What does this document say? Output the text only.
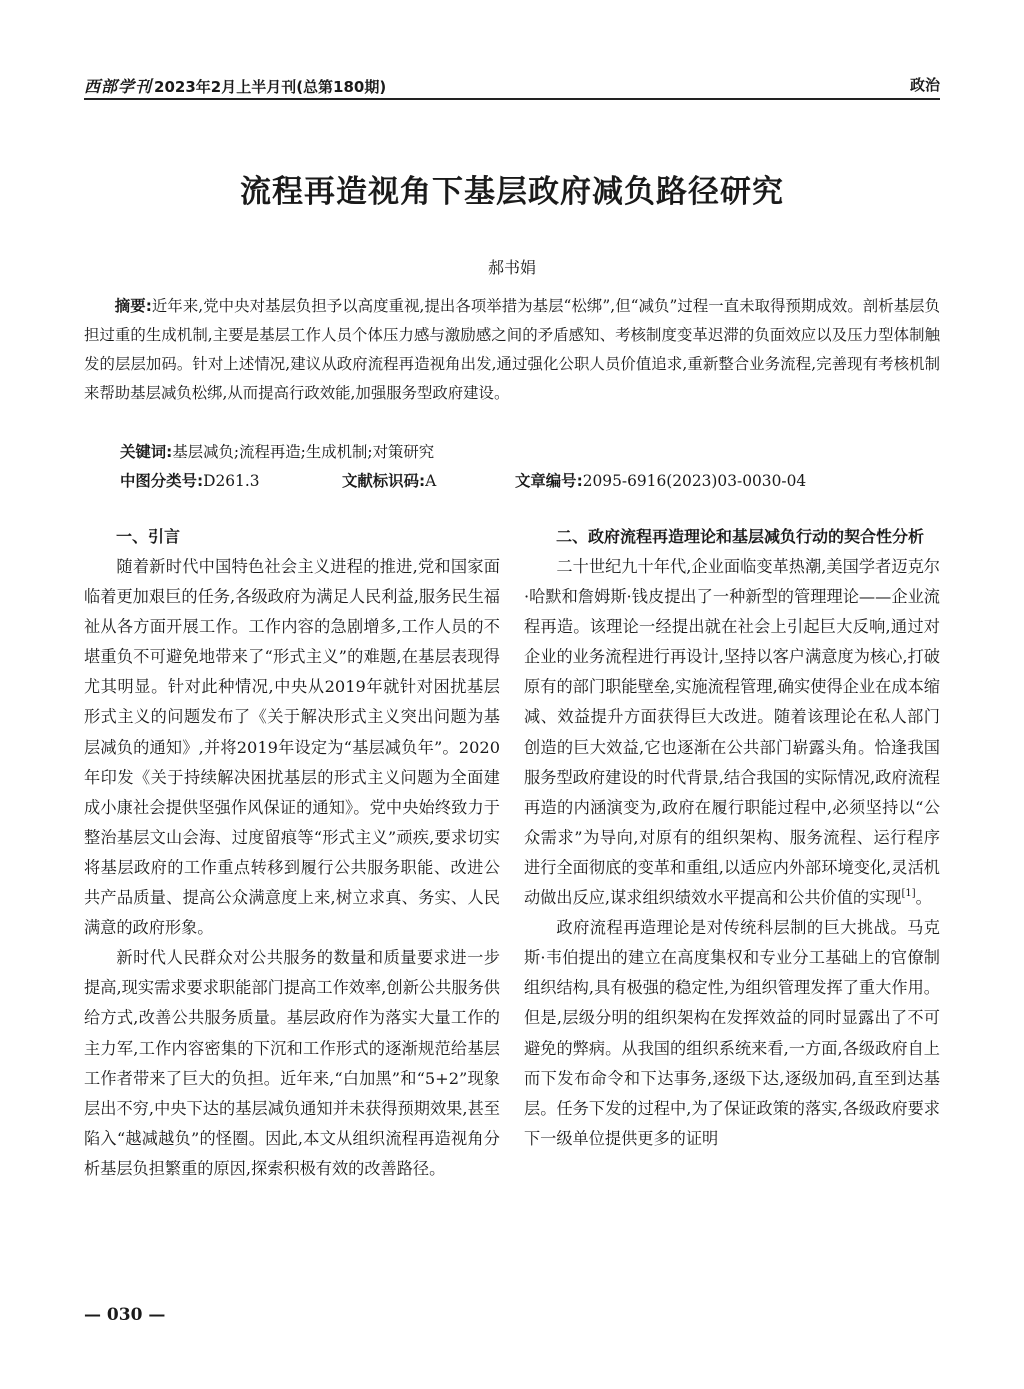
西部学刊 2023年2月上半月刊(总第180期)	政治
流程再造视角下基层政府减负路径研究
郝书娟
摘要:近年来,党中央对基层负担予以高度重视,提出各项举措为基层“松绑”,但“减负”过程一直未取得预期成效。剖析基层负担过重的生成机制,主要是基层工作人员个体压力感与激励感之间的矛盾感知、考核制度变革迟滞的负面效应以及压力型体制触发的层层加码。针对上述情况,建议从政府流程再造视角出发,通过强化公职人员价值追求,重新整合业务流程,完善现有考核机制来帮助基层减负松绑,从而提高行政效能,加强服务型政府建设。
关键词:基层减负;流程再造;生成机制;对策研究
中图分类号:D261.3	文献标识码:A	文章编号:2095-6916(2023)03-0030-04
一、引言

随着新时代中国特色社会主义进程的推进,党和国家面临着更加艰巨的任务,各级政府为满足人民利益,服务民生福祉从各方面开展工作。工作内容的急剧增多,工作人员的不堪重负不可避免地带来了“形式主义”的难题,在基层表现得尤其明显。针对此种情况,中央从2019年就针对困扰基层形式主义的问题发布了《关于解决形式主义突出问题为基层减负的通知》,并将2019年设定为“基层减负年”。2020年印发《关于持续解决困扰基层的形式主义问题为全面建成小康社会提供坚强作风保证的通知》。党中央始终致力于整治基层文山会海、过度留痕等“形式主义”顽疾,要求切实将基层政府的工作重点转移到履行公共服务职能、改进公共产品质量、提高公众满意度上来,树立求真、务实、人民满意的政府形象。

新时代人民群众对公共服务的数量和质量要求进一步提高,现实需求要求职能部门提高工作效率,创新公共服务供给方式,改善公共服务质量。基层政府作为落实大量工作的主力军,工作内容密集的下沉和工作形式的逐渐规范给基层工作者带来了巨大的负担。近年来,“白加黑”和“5+2”现象层出不穷,中央下达的基层减负通知并未获得预期效果,甚至陷入“越减越负”的怪圈。因此,本文从组织流程再造视角分析基层负担繁重的原因,探索积极有效的改善路径。

二、政府流程再造理论和基层减负行动的契合性分析

二十世纪九十年代,企业面临变革热潮,美国学者迈克尔·哈默和詹姆斯·钱皮提出了一种新型的管理理论——企业流程再造。该理论一经提出就在社会上引起巨大反响,通过对企业的业务流程进行再设计,坚持以客户满意度为核心,打破原有的部门职能壁垒,实施流程管理,确实使得企业在成本缩减、效益提升方面获得巨大改进。随着该理论在私人部门创造的巨大效益,它也逐渐在公共部门崭露头角。恰逢我国服务型政府建设的时代背景,结合我国的实际情况,政府流程再造的内涵演变为,政府在履行职能过程中,必须坚持以“公众需求”为导向,对原有的组织架构、服务流程、运行程序进行全面彻底的变革和重组,以适应内外部环境变化,灵活机动做出反应,谋求组织绩效水平提高和公共价值的实现[1]。

政府流程再造理论是对传统科层制的巨大挑战。马克斯·韦伯提出的建立在高度集权和专业分工基础上的官僚制组织结构,具有极强的稳定性,为组织管理发挥了重大作用。但是,层级分明的组织架构在发挥效益的同时显露出了不可避免的弊病。从我国的组织系统来看,一方面,各级政府自上而下发布命令和下达事务,逐级下达,逐级加码,直至到达基层。任务下发的过程中,为了保证政策的落实,各级政府要求下一级单位提供更多的证明

— 030 —
